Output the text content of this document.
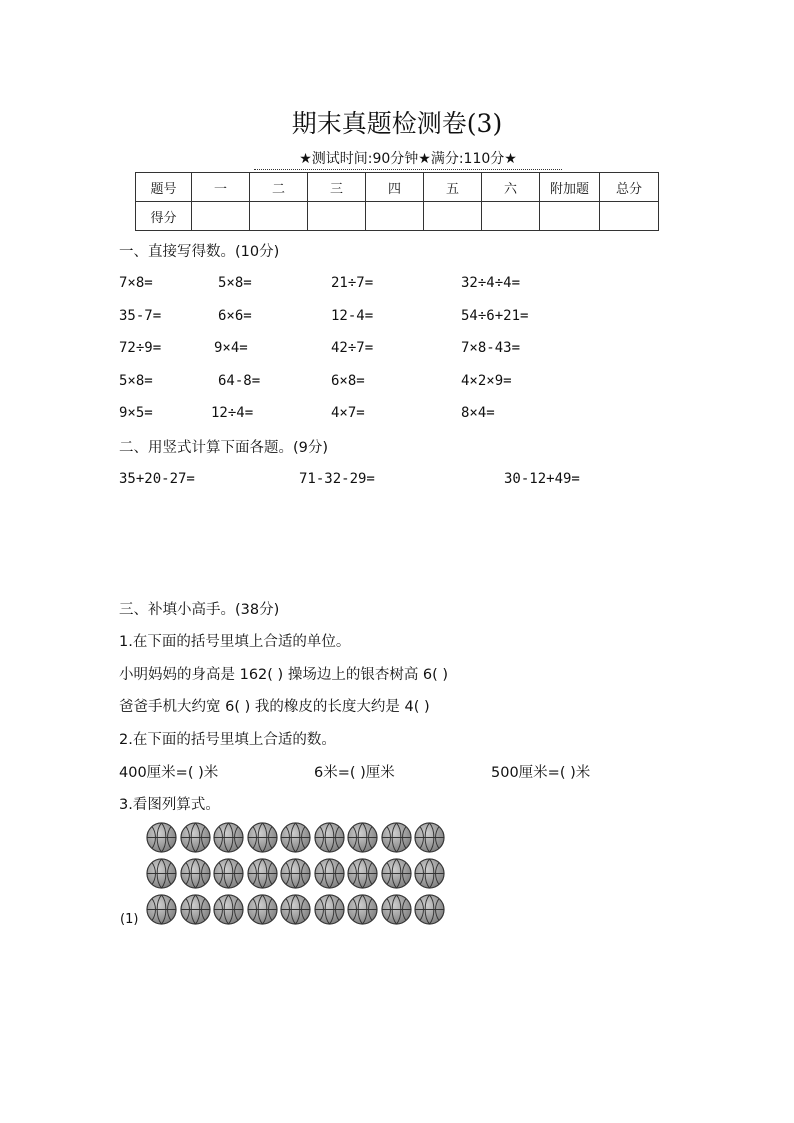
期末真题检测卷(3)
★测试时间:90分钟★满分:110分★
题号	一	二	三	四	五	六	附加题	总分
得分								
一、直接写得数。(10分)
7×8=	5×8=	21÷7=	32÷4÷4=
35-7=	6×6=	12-4=	54÷6+21=
72÷9=	9×4=	42÷7=	7×8-43=
5×8=	64-8=	6×8=	4×2×9=
9×5=	12÷4=	4×7=	8×4=
二、用竖式计算下面各题。(9分)
35+20-27=	71-32-29=	30-12+49=
三、补填小高手。(38分)
1.在下面的括号里填上合适的单位。
小明妈妈的身高是 162( ) 操场边上的银杏树高 6( )
爸爸手机大约宽 6( ) 我的橡皮的长度大约是 4( )
2.在下面的括号里填上合适的数。
400厘米=( )米	6米=( )厘米	500厘米=( )米
3.看图列算式。
(1)
